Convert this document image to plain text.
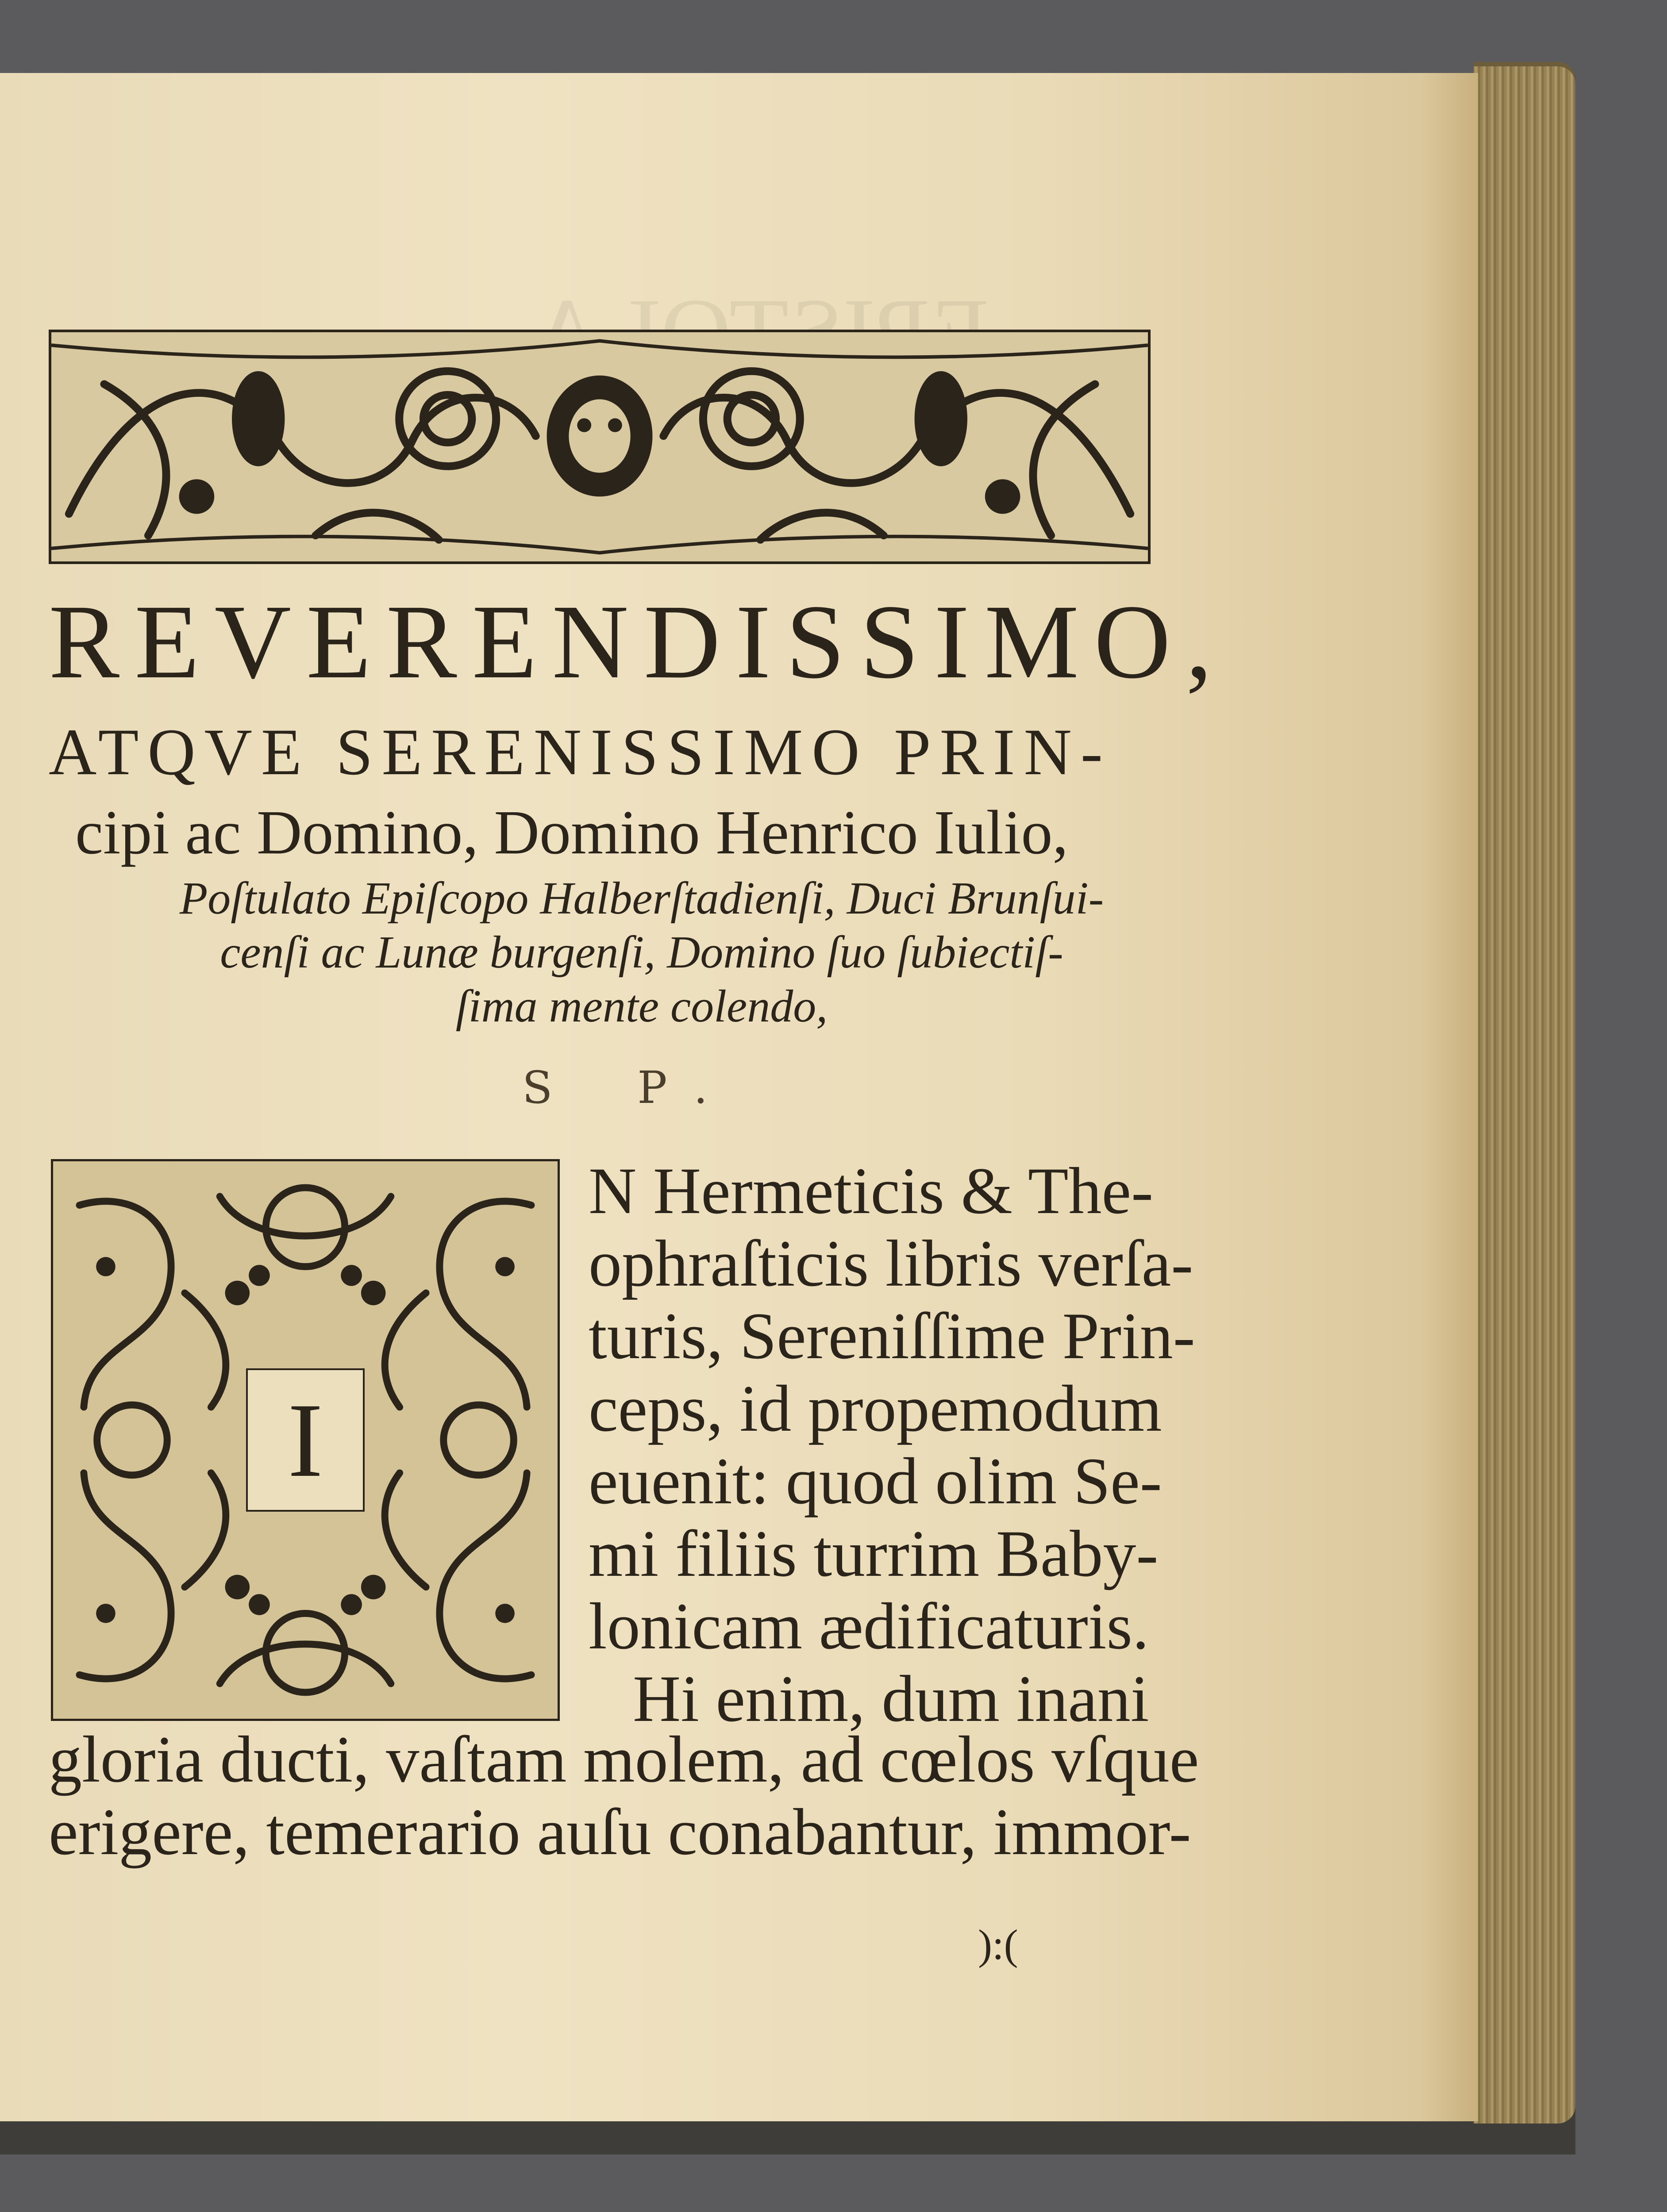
REVERENDISSIMO,
ATQVE SERENISSIMO PRIN-
cipi ac Domino, Domino Henrico Iulio,
Poſtulato Epiſcopo Halberſtadienſi, Duci Brunſui-
cenſi ac Lunæ burgenſi, Domino ſuo ſubiectiſ-
ſima mente colendo,
S P.
I
N Hermeticis & The-
ophraſticis libris verſa-
turis, Sereniſſime Prin-
ceps, id propemodum
euenit: quod olim Se-
mi filiis turrim Baby-
lonicam ædificaturis.
Hi enim, dum inani
gloria ducti, vaſtam molem, ad cœlos vſque
erigere, temerario auſu conabantur, immor-
):(
